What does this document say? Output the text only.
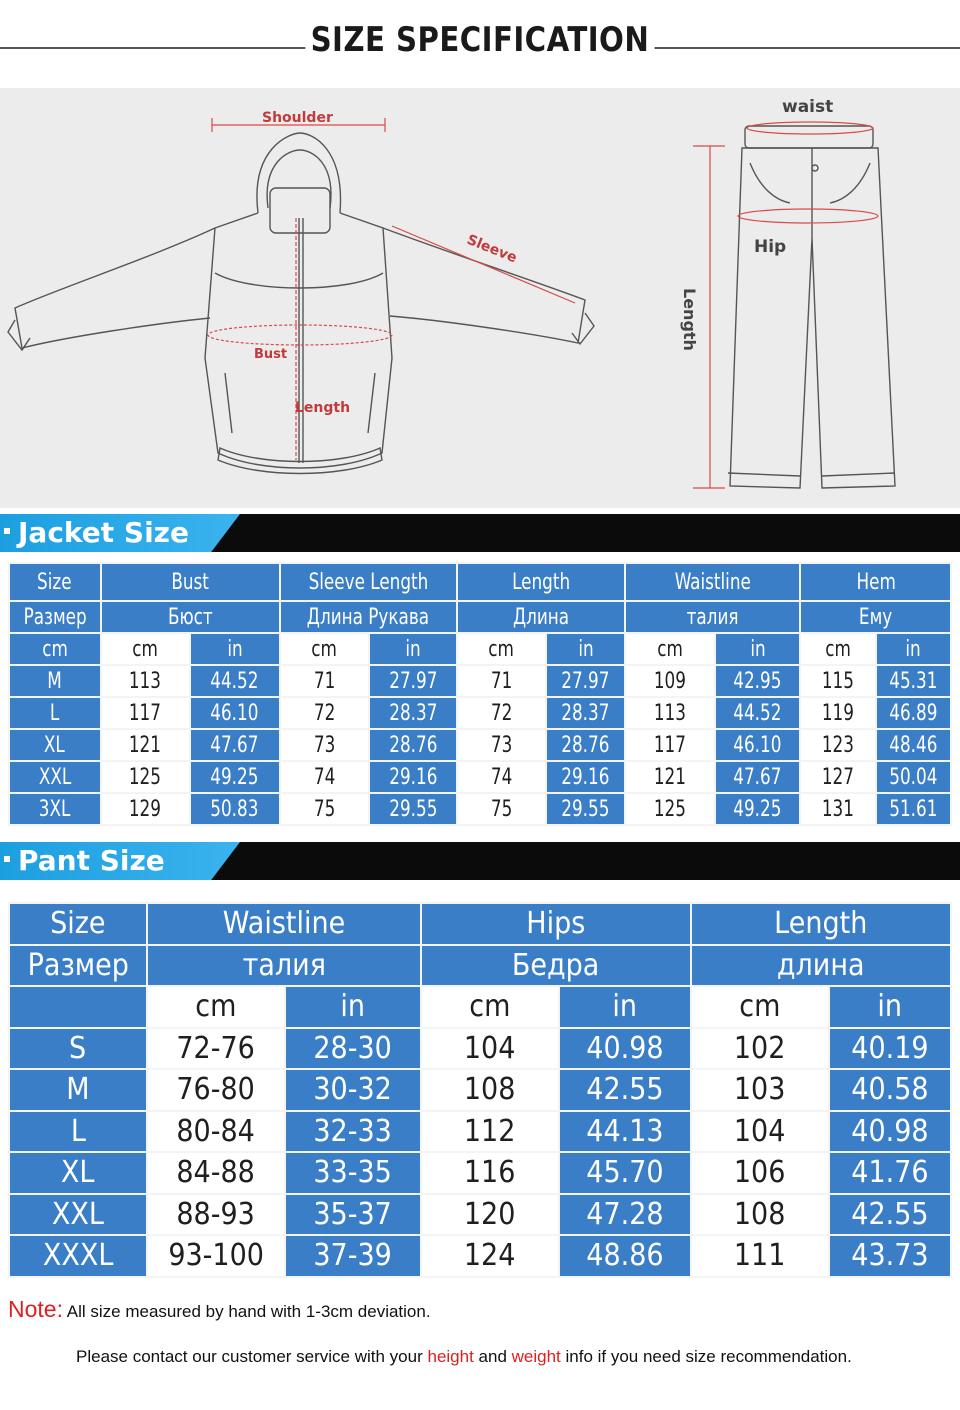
SIZE SPECIFICATION
Shoulder
Sleeve
Bust
Length
waist
Hip
Length
Jacket Size
Size	Bust		Sleeve Length		Length		Waistline		Hem	
Размер	Бюст		Длина Рукава		Длина		талия		Ему	
cm	cm	in	cm	in	cm	in	cm	in	cm	in
M	113	44.52	71	27.97	71	27.97	109	42.95	115	45.31
L	117	46.10	72	28.37	72	28.37	113	44.52	119	46.89
XL	121	47.67	73	28.76	73	28.76	117	46.10	123	48.46
XXL	125	49.25	74	29.16	74	29.16	121	47.67	127	50.04
3XL	129	50.83	75	29.55	75	29.55	125	49.25	131	51.61
Pant Size
Size	Waistline		Hips		Length	
Размер	талия		Бедра		длина	
	cm	in	cm	in	cm	in
S	72-76	28-30	104	40.98	102	40.19
M	76-80	30-32	108	42.55	103	40.58
L	80-84	32-33	112	44.13	104	40.98
XL	84-88	33-35	116	45.70	106	41.76
XXL	88-93	35-37	120	47.28	108	42.55
XXXL	93-100	37-39	124	48.86	111	43.73
Note: All size measured by hand with 1-3cm deviation.
Please contact our customer service with your height and weight info if you need size recommendation.
